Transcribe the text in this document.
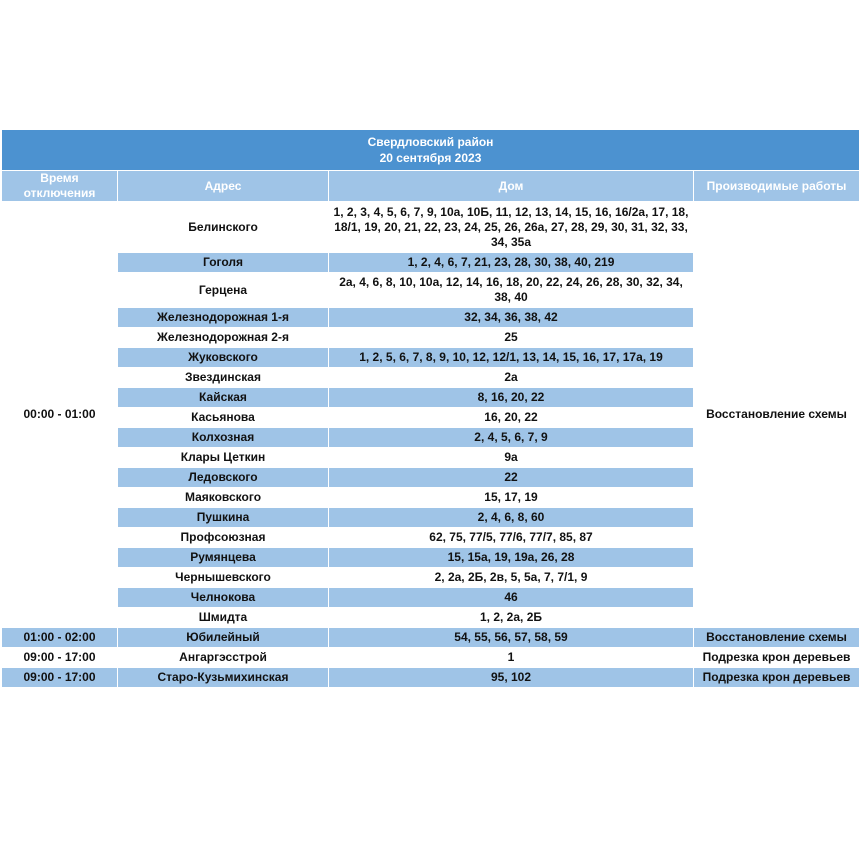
Свердловский район
20 сентября 2023			

Время отключения	Адрес	Дом	Производимые работы
00:00 - 01:00	Белинского	1, 2, 3, 4, 5, 6, 7, 9, 10а, 10Б, 11, 12, 13, 14, 15, 16, 16/2а, 17, 18, 18/1, 19, 20, 21, 22, 23, 24, 25, 26, 26а, 27, 28, 29, 30, 31, 32, 33, 34, 35а	Восстановление схемы
	Гоголя	1, 2, 4, 6, 7, 21, 23, 28, 30, 38, 40, 219	
	Герцена	2а, 4, 6, 8, 10, 10а, 12, 14, 16, 18, 20, 22, 24, 26, 28, 30, 32, 34, 38, 40	
	Железнодорожная 1-я	32, 34, 36, 38, 42	
	Железнодорожная 2-я	25	
	Жуковского	1, 2, 5, 6, 7, 8, 9, 10, 12, 12/1, 13, 14, 15, 16, 17, 17а, 19	
	Звездинская	2а	
	Кайская	8, 16, 20, 22	
	Касьянова	16, 20, 22	
	Колхозная	2, 4, 5, 6, 7, 9	
	Клары Цеткин	9а	
	Ледовского	22	
	Маяковского	15, 17, 19	
	Пушкина	2, 4, 6, 8, 60	
	Профсоюзная	62, 75, 77/5, 77/6, 77/7, 85, 87	
	Румянцева	15, 15а, 19, 19а, 26, 28	
	Чернышевского	2, 2а, 2Б, 2в, 5, 5а, 7, 7/1, 9	
	Челнокова	46	
	Шмидта	1, 2, 2а, 2Б	
01:00 - 02:00	Юбилейный	54, 55, 56, 57, 58, 59	Восстановление схемы
09:00 - 17:00	Ангаргэсстрой	1	Подрезка крон деревьев
09:00 - 17:00	Старо-Кузьмихинская	95, 102	Подрезка крон деревьев
